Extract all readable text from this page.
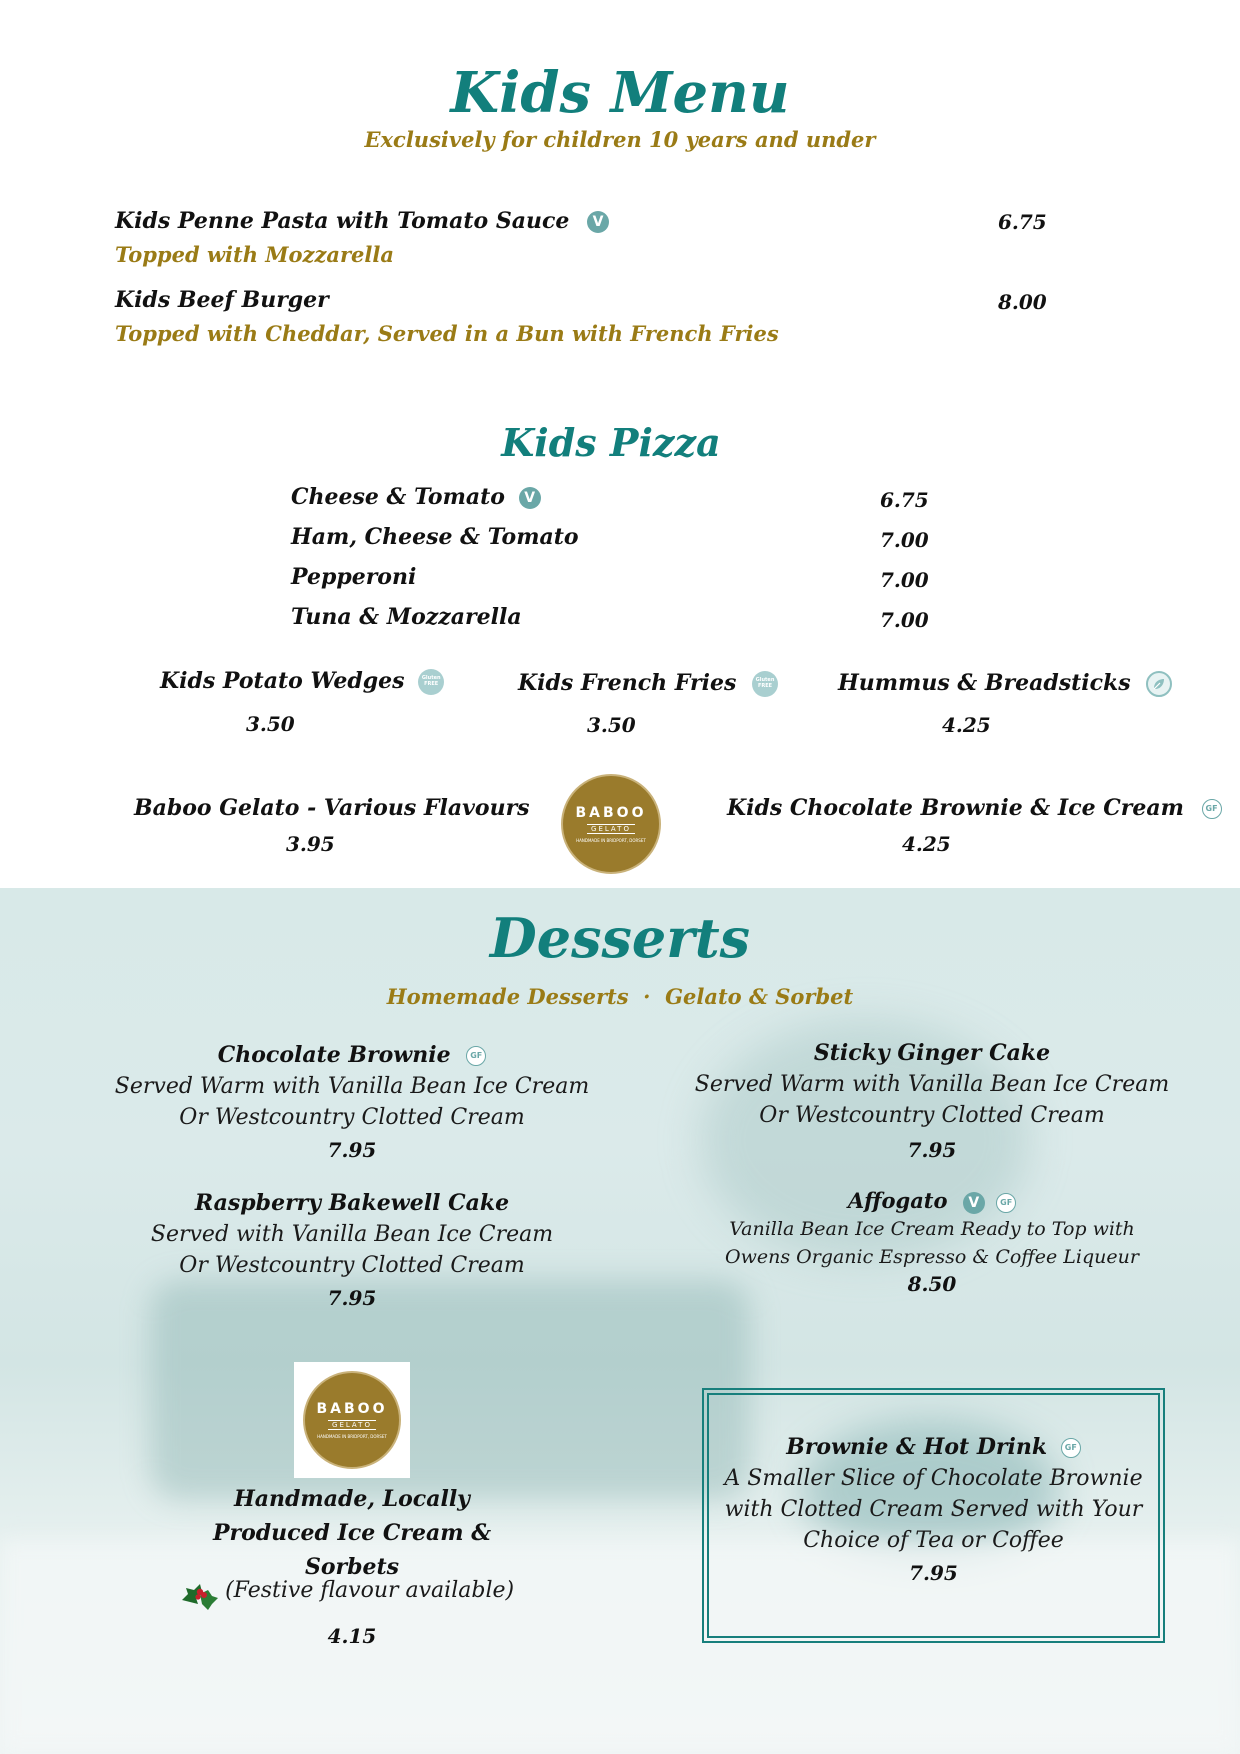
Kids Menu
Exclusively for children 10 years and under
Kids Penne Pasta with Tomato Sauce V	6.75
Topped with Mozzarella
Kids Beef Burger	8.00
Topped with Cheddar, Served in a Bun with French Fries
Kids Pizza
Cheese & Tomato V	6.75
Ham, Cheese & Tomato	7.00
Pepperoni	7.00
Tuna & Mozzarella	7.00
Kids Potato Wedges	Gluten
FREE
3.50
Kids French Fries	Gluten
FREE
3.50
Hummus & Breadsticks
4.25
Baboo Gelato - Various Flavours
3.95
BABOO
GELATO
HANDMADE IN BRIDPORT, DORSET
Kids Chocolate Brownie & Ice Cream	GF
4.25
Desserts
Homemade Desserts  ·  Gelato & Sorbet
Chocolate Brownie GF
Served Warm with Vanilla Bean Ice Cream
Or Westcountry Clotted Cream
7.95
Sticky Ginger Cake
Served Warm with Vanilla Bean Ice Cream
Or Westcountry Clotted Cream
7.95
Raspberry Bakewell Cake
Served with Vanilla Bean Ice Cream
Or Westcountry Clotted Cream
7.95
Affogato V	GF
Vanilla Bean Ice Cream Ready to Top with
Owens Organic Espresso & Coffee Liqueur
8.50
BABOO
GELATO
HANDMADE IN BRIDPORT, DORSET
Handmade, Locally
Produced Ice Cream &
Sorbets
(Festive flavour available)
4.15
Brownie & Hot Drink GF
A Smaller Slice of Chocolate Brownie
with Clotted Cream Served with Your
Choice of Tea or Coffee
7.95
